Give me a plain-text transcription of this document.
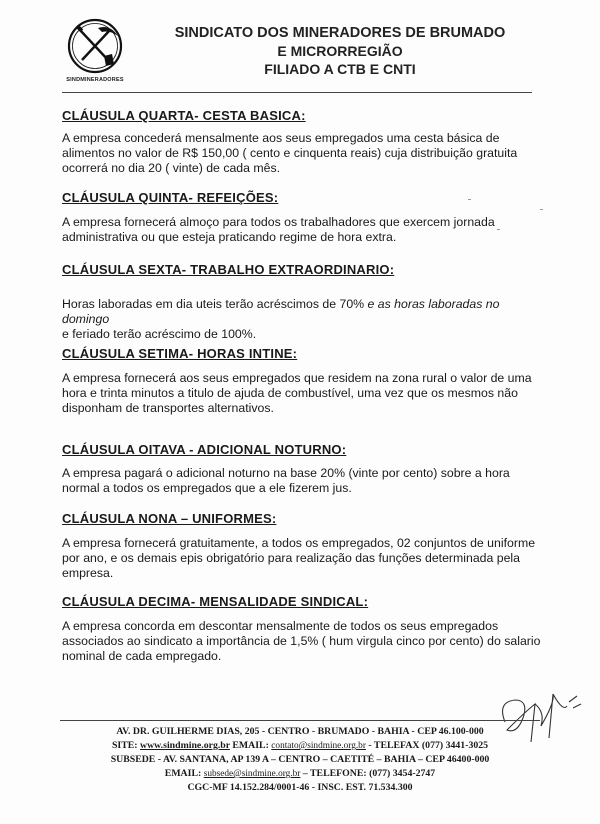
SINDMINERADORES
SINDICATO DOS MINERADORES DE BRUMADO
E MICRORREGIÃO
FILIADO A CTB E CNTI
CLÁUSULA QUARTA- CESTA BASICA:
A empresa concederá mensalmente aos seus empregados uma cesta básica de alimentos no valor de R$ 150,00 ( cento e cinquenta reais) cuja distribuição gratuita ocorrerá no dia 20 ( vinte) de cada mês.
CLÁUSULA QUINTA- REFEIÇÕES:
A empresa fornecerá almoço para todos os trabalhadores que exercem jornada administrativa ou que esteja praticando regime de hora extra.
CLÁUSULA SEXTA- TRABALHO EXTRAORDINARIO:
Horas laboradas em dia uteis terão acréscimos de 70% e as horas laboradas no domingo
e feriado terão acréscimo de 100%.
CLÁUSULA SETIMA- HORAS INTINE:
A empresa fornecerá aos seus empregados que residem na zona rural o valor de uma hora e trinta minutos a titulo de ajuda de combustível, uma vez que os mesmos não disponham de transportes alternativos.
CLÁUSULA OITAVA - ADICIONAL NOTURNO:
A empresa pagará o adicional noturno na base 20% (vinte por cento) sobre a hora normal a todos os empregados que a ele fizerem jus.
CLÁUSULA NONA – UNIFORMES:
A empresa fornecerá gratuitamente, a todos os empregados, 02 conjuntos de uniforme por ano, e os demais epis obrigatório para realização das funções determinada pela empresa.
CLÁUSULA DECIMA- MENSALIDADE SINDICAL:
A empresa concorda em descontar mensalmente de todos os seus empregados associados ao sindicato a importância de 1,5% ( hum virgula cinco por cento) do salario nominal de cada empregado.
AV. DR. GUILHERME DIAS, 205 - CENTRO - BRUMADO - BAHIA - CEP 46.100-000
SITE: www.sindmine.org.br EMAIL: contato@sindmine.org.br - TELEFAX (077) 3441-3025
SUBSEDE - AV. SANTANA, AP 139 A – CENTRO – CAETITÉ – BAHIA – CEP 46400-000
EMAIL: subsede@sindmine.org.br – TELEFONE: (077) 3454-2747
CGC-MF 14.152.284/0001-46 - INSC. EST. 71.534.300
